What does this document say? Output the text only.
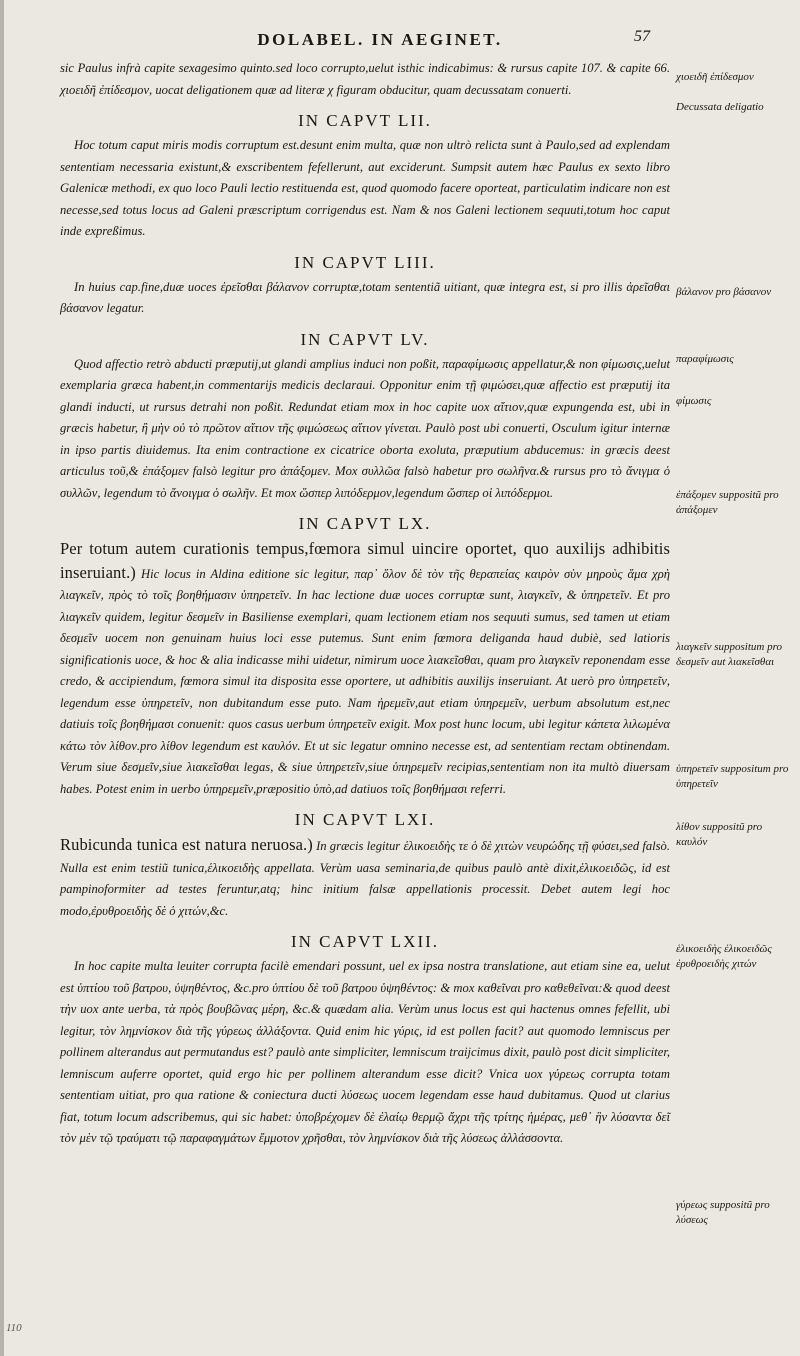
DOLABEL. IN AEGINET.	57

sic Paulus infrà capite sexagesimo quinto.sed loco corrupto,uelut isthic indicabimus: & rursus capite 107. & capite 66. χιοειδῆ ἐπίδεσμον, uocat deligationem quæ ad literæ χ figuram obducitur, quam decussatam conuerti.

IN CAPVT LII.

Hoc totum caput miris modis corruptum est.desunt enim multa, quæ non ultrò relicta sunt à Paulo,sed ad explendam sententiam necessaria existunt,& exscribentem fefellerunt, aut exciderunt. Sumpsit autem hæc Paulus ex sexto libro Galenicæ methodi, ex quo loco Pauli lectio restituenda est, quod quomodo facere oporteat, particulatim indicare non est necesse,sed totus locus ad Galeni præscriptum corrigendus est. Nam & nos Galeni lectionem sequuti,totum hoc caput inde expreßimus.

IN CAPVT LIII.

In huius cap.fine,duæ uoces ἐρεῖσθαι βάλανον corruptæ,totam sententiã uitiant, quæ integra est, si pro illis ἀρεῖσθαι βάσανον legatur.

IN CAPVT LV.

Quod affectio retrò abducti præputij,ut glandi amplius induci non poßit, παραφίμωσις appellatur,& non φίμωσις,uelut exemplaria græca habent,in commentarijs medicis declaraui. Opponitur enim τῇ φιμώσει,quæ affectio est præputij ita glandi inducti, ut rursus detrahi non poßit. Redundat etiam mox in hoc capite uox αἴτιον,quæ expungenda est, ubi in græcis habetur, ἢ μὴν οὐ τὸ πρῶτον αἴτιον τῆς φιμώσεως αἴτιον γίνεται. Paulò post ubi conuerti, Osculum igitur internæ in ipso partis diuidemus. Ita enim contractione ex cicatrice oborta exoluta, præputium abducemus: in græcis deest articulus τοῦ,& ἐπάξομεν falsò legitur pro ἀπάξομεν. Mox συλλῶα falsò habetur pro σωλῆνα.& rursus pro τὸ ἄνιγμα ὁ συλλῶν, legendum τὸ ἄνοιγμα ὁ σωλῆν. Et mox ὥσπερ λιπόδερμον,legendum ὥσπερ οἱ λιπόδερμοι.

IN CAPVT LX.

Per totum autem curationis tempus,fœmora simul uincire oportet, quo auxilijs adhibitis inseruiant.) Hic locus in Aldina editione sic legitur, παρ᾽ ὅλον δὲ τὸν τῆς θεραπείας καιρὸν σὺν μηροὺς ἅμα χρὴ λιαγκεῖν, πρὸς τὸ τοῖς βοηθήμασιν ὑπηρετεῖν. In hac lectione duæ uoces corruptæ sunt, λιαγκεῖν, & ὑπηρετεῖν. Et pro λιαγκεῖν quidem, legitur δεσμεῖν in Basiliense exemplari, quam lectionem etiam nos sequuti sumus, sed tamen ut etiam δεσμεῖν uocem non genuinam huius loci esse putemus. Sunt enim fœmora deliganda haud dubiè, sed latioris significationis uoce, & hoc & alia indicasse mihi uidetur, nimirum uoce λιακεῖσθαι, quam pro λιαγκεῖν reponendam esse credo, & accipiendum, fœmora simul ita disposita esse oportere, ut adhibitis auxilijs inseruiant. At uerò pro ὑπηρετεῖν, legendum esse ὑπηρετεῖν, non dubitandum esse puto. Nam ἠρεμεῖν,aut etiam ὑπηρεμεῖν, uerbum absolutum est,nec datiuis τοῖς βοηθήμασι conuenit: quos casus uerbum ὑπηρετεῖν exigit. Mox post hunc locum, ubi legitur κάπετα λιλωμένα κάτω τὸν λίθον.pro λίθον legendum est καυλόν. Et ut sic legatur omnino necesse est, ad sententiam rectam obtinendam. Verum siue δεσμεῖν,siue λιακεῖσθαι legas, & siue ὑπηρετεῖν,siue ὑπηρεμεῖν recipias,sententiam non ita multò diuersam habes. Potest enim in uerbo ὑπηρεμεῖν,præpositio ὑπὸ,ad datiuos τοῖς βοηθήμασι referri.

IN CAPVT LXI.

Rubicunda tunica est natura neruosa.) In græcis legitur ἑλικοειδὴς τε ὁ δὲ χιτὼν νευρώδης τῇ φύσει,sed falsò. Nulla est enim testiũ tunica,ἑλικοειδὴς appellata. Verùm uasa seminaria,de quibus paulò antè dixit,ἑλικοειδῶς, id est pampinoformiter ad testes feruntur,atq; hinc initium falsæ appellationis processit. Debet autem legi hoc modo,ἐρυθροειδὴς δὲ ὁ χιτών,&c.

IN CAPVT LXII.

In hoc capite multa leuiter corrupta facilè emendari possunt, uel ex ipsa nostra translatione, aut etiam sine ea, uelut est ὑπτίου τοῦ βατρου, ὑψηθέντος, &c.pro ὑπτίου δὲ τοῦ βατρου ὑψηθέντος: & mox καθεῖναι pro καθεθεῖναι:& quod deest τὴν uox ante uerba, τὰ πρὸς βουβῶνας μέρη, &c.& quædam alia. Verùm unus locus est qui hactenus omnes fefellit, ubi legitur, τὸν λημνίσκον διὰ τῆς γύρεως ἀλλάξοντα. Quid enim hic γύρις, id est pollen facit? aut quomodo lemniscus per pollinem alterandus aut permutandus est? paulò ante simpliciter, lemniscum traijcimus dixit, paulò post dicit simpliciter, lemniscum auferre oportet, quid ergo hic per pollinem alterandum esse dicit? Vnica uox γύρεως corrupta totam sententiam uitiat, pro qua ratione & coniectura ducti λύσεως uocem legendam esse haud dubitamus. Quod ut clarius fiat, totum locum adscribemus, qui sic habet: ὑποβρέχομεν δὲ ἐλαίῳ θερμῷ ἄχρι τῆς τρίτης ἡμέρας, μεθ᾽ ἣν λύσαντα δεῖ τὸν μὲν τῷ τραύματι τῷ παραφαγμάτων ἔμμοτον χρῆσθαι, τὸν λημνίσκον διὰ τῆς λύσεως ἀλλάσσοντα.

χιοειδῆ ἐπίδεσμον
Decussata deligatio
βάλανον pro βάσανον
παραφίμωσις
φίμωσις
ἐπάξομεν suppositũ pro ἀπάξομεν
λιαγκεῖν suppositum pro δεσμεῖν aut λιακεῖσθαι
ὑπηρετεῖν suppositum pro ὑπηρετεῖν
λίθον suppositũ pro καυλόν
ἑλικοειδὴς ἐλικοειδῶς ἐρυθροειδὴς χιτών
γύρεως suppositũ pro λύσεως
110
